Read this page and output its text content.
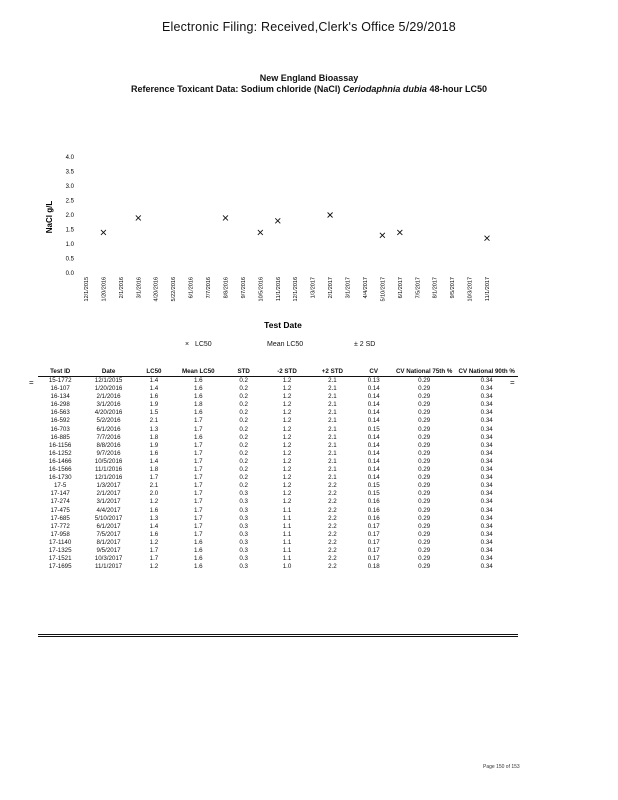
Electronic Filing: Received,Clerk's Office 5/29/2018
New England Bioassay
Reference Toxicant Data: Sodium chloride (NaCl) Ceriodaphnia dubia 48-hour LC50
0.0
0.5
1.0
1.5
2.0
2.5
3.0
3.5
4.0
12/1/2015 1/20/2016 2/1/2016 3/1/2016 4/20/2016 5/22/2016 6/1/2016 7/7/2016 8/8/2016 9/7/2016 10/5/2016 11/1/2016 12/1/2016 1/3/2017 2/1/2017 3/1/2017 4/4/2017 5/10/2017 6/1/2017 7/5/2017 8/1/2017 9/5/2017 10/3/2017 11/1/2017
NaCl g/L
Test Date
× LC50	Mean LC50	± 2 SD
=	=
Test ID	Date	LC50	Mean LC50	STD	-2 STD	+2 STD	CV	CV National 75th %	CV National 90th %
15-1772	12/1/2015	1.4	1.6	0.2	1.2	2.1	0.13	0.29	0.34
16-107	1/20/2016	1.4	1.6	0.2	1.2	2.1	0.14	0.29	0.34
16-134	2/1/2016	1.6	1.6	0.2	1.2	2.1	0.14	0.29	0.34
16-298	3/1/2016	1.9	1.8	0.2	1.2	2.1	0.14	0.29	0.34
16-563	4/20/2016	1.5	1.6	0.2	1.2	2.1	0.14	0.29	0.34
16-592	5/2/2016	2.1	1.7	0.2	1.2	2.1	0.14	0.29	0.34
16-703	6/1/2016	1.3	1.7	0.2	1.2	2.1	0.15	0.29	0.34
16-885	7/7/2016	1.8	1.6	0.2	1.2	2.1	0.14	0.29	0.34
16-1156	8/8/2016	1.9	1.7	0.2	1.2	2.1	0.14	0.29	0.34
16-1252	9/7/2016	1.6	1.7	0.2	1.2	2.1	0.14	0.29	0.34
16-1466	10/5/2016	1.4	1.7	0.2	1.2	2.1	0.14	0.29	0.34
16-1566	11/1/2016	1.8	1.7	0.2	1.2	2.1	0.14	0.29	0.34
16-1730	12/1/2016	1.7	1.7	0.2	1.2	2.1	0.14	0.29	0.34
17-5	1/3/2017	2.1	1.7	0.2	1.2	2.2	0.15	0.29	0.34
17-147	2/1/2017	2.0	1.7	0.3	1.2	2.2	0.15	0.29	0.34
17-274	3/1/2017	1.2	1.7	0.3	1.2	2.2	0.16	0.29	0.34
17-475	4/4/2017	1.6	1.7	0.3	1.1	2.2	0.16	0.29	0.34
17-685	5/10/2017	1.3	1.7	0.3	1.1	2.2	0.16	0.29	0.34
17-772	6/1/2017	1.4	1.7	0.3	1.1	2.2	0.17	0.29	0.34
17-958	7/5/2017	1.6	1.7	0.3	1.1	2.2	0.17	0.29	0.34
17-1140	8/1/2017	1.2	1.6	0.3	1.1	2.2	0.17	0.29	0.34
17-1325	9/5/2017	1.7	1.6	0.3	1.1	2.2	0.17	0.29	0.34
17-1521	10/3/2017	1.7	1.6	0.3	1.1	2.2	0.17	0.29	0.34
17-1695	11/1/2017	1.2	1.6	0.3	1.0	2.2	0.18	0.29	0.34
Page 150 of 153
